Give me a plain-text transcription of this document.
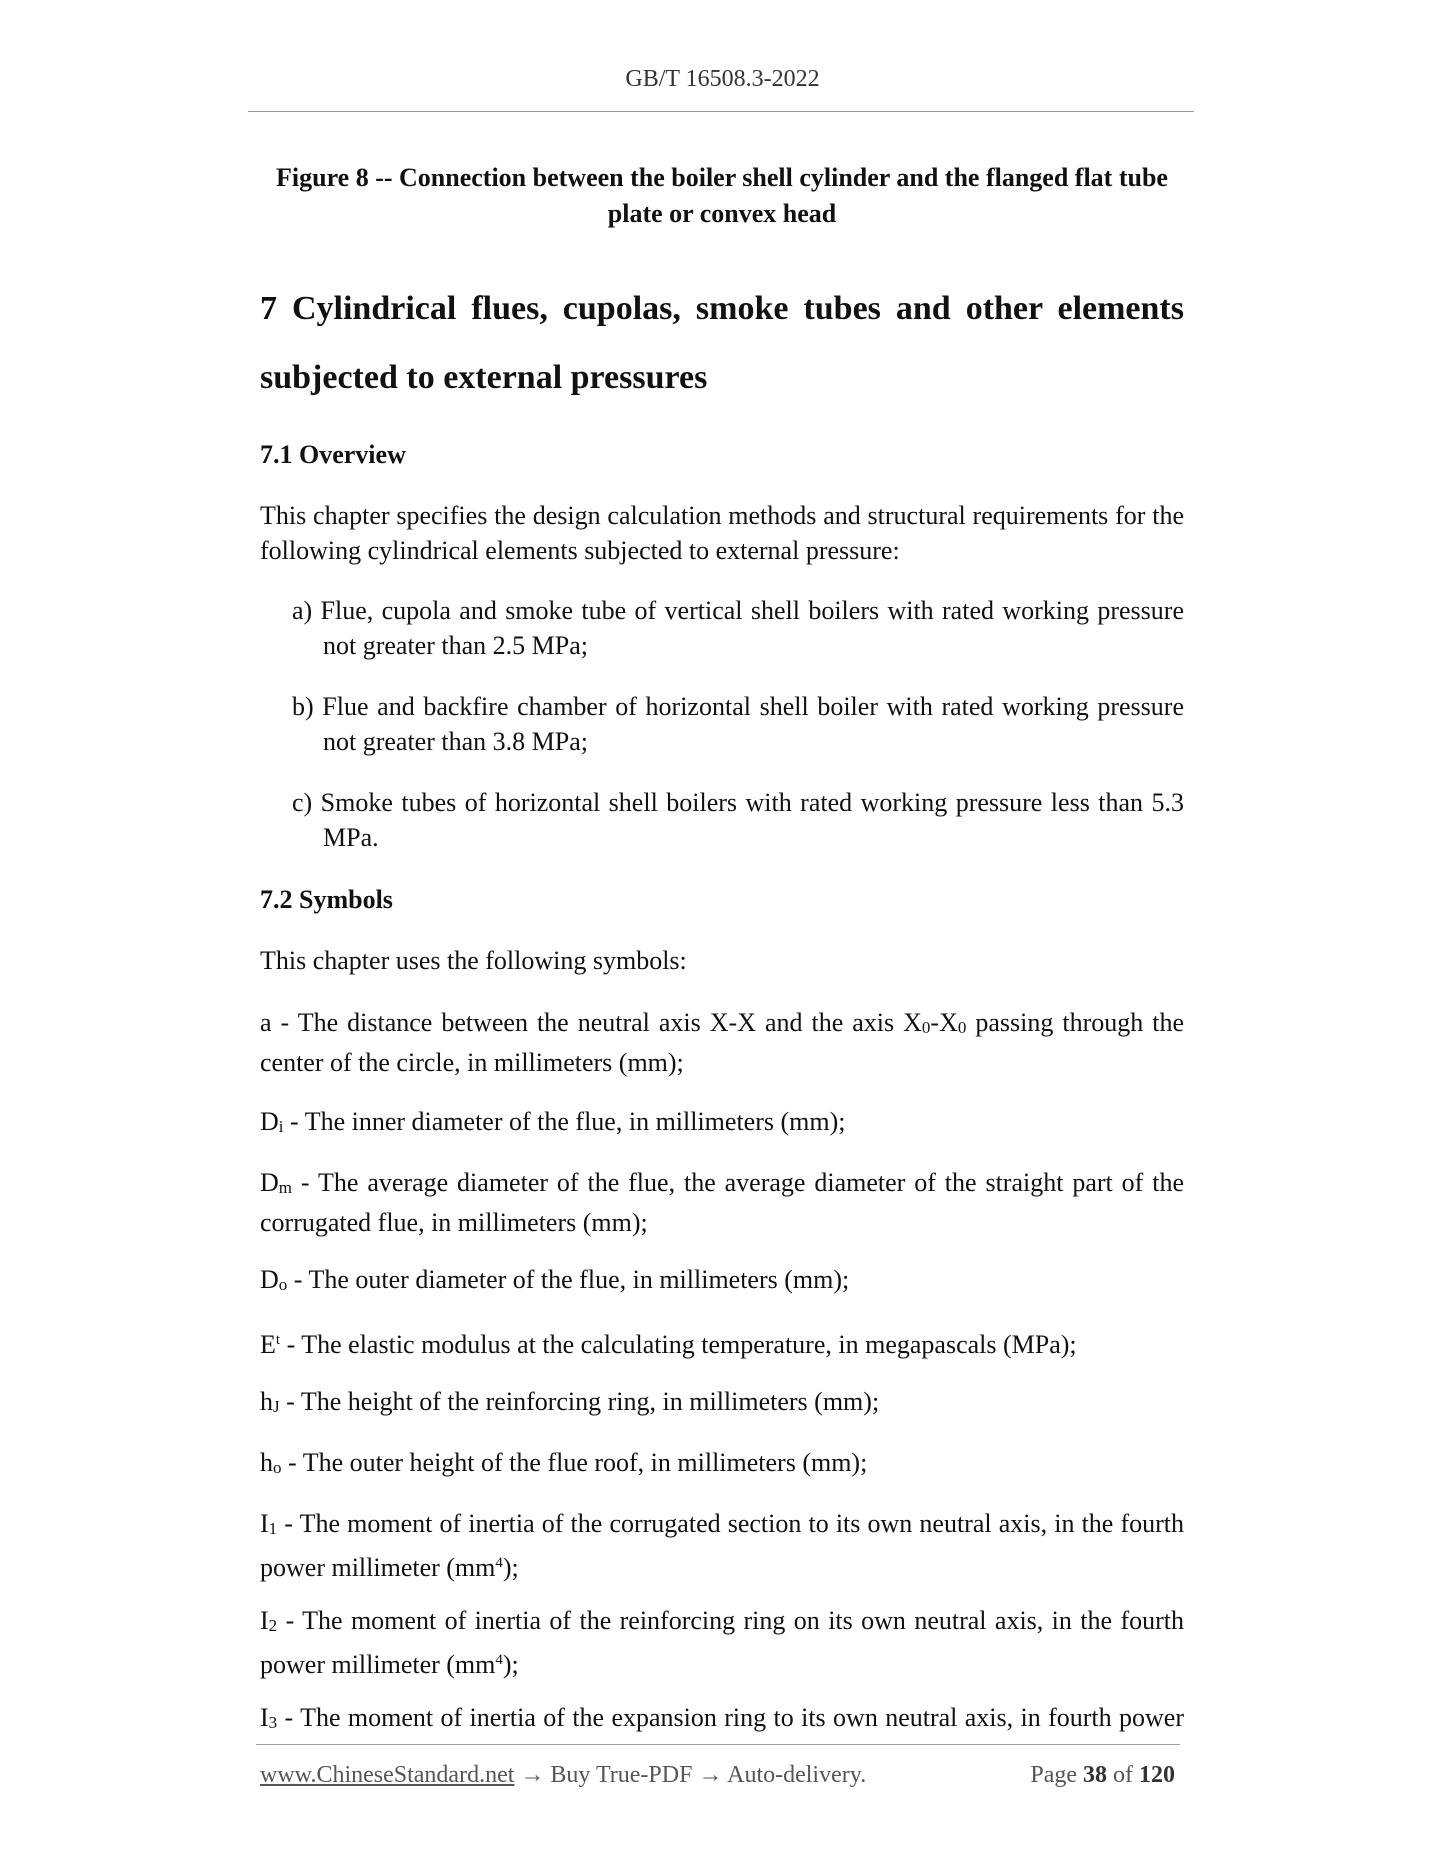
GB/T 16508.3-2022
Figure 8 -- Connection between the boiler shell cylinder and the flanged flat tube
plate or convex head
7 Cylindrical flues, cupolas, smoke tubes and other elements
subjected to external pressures
7.1 Overview

This chapter specifies the design calculation methods and structural requirements for the following cylindrical elements subjected to external pressure:

a) Flue, cupola and smoke tube of vertical shell boilers with rated working pressure
not greater than 2.5 MPa;
b) Flue and backfire chamber of horizontal shell boiler with rated working pressure
not greater than 3.8 MPa;
c) Smoke tubes of horizontal shell boilers with rated working pressure less than 5.3
MPa.
7.2 Symbols

This chapter uses the following symbols:

a - The distance between the neutral axis X-X and the axis $X_0-X_0$ passing through the center of the circle, in millimeters (mm);
$D_i$ - The inner diameter of the flue, in millimeters (mm);
$D_m$ - The average diameter of the flue, the average diameter of the straight part of the corrugated flue, in millimeters (mm);
$D_o$ - The outer diameter of the flue, in millimeters (mm);
$E^t$ - The elastic modulus at the calculating temperature, in megapascals (MPa);
$h_J$ - The height of the reinforcing ring, in millimeters (mm);
$h_o$ - The outer height of the flue roof, in millimeters (mm);
$I_1$ - The moment of inertia of the corrugated section to its own neutral axis, in the fourth power millimeter $(mm^4)$;
$I_2$ - The moment of inertia of the reinforcing ring on its own neutral axis, in the fourth power millimeter $(mm^4)$;
$I_3$ - The moment of inertia of the expansion ring to its own neutral axis, in fourth power
www.ChineseStandard.net → Buy True-PDF → Auto-delivery.	Page 38 of 120
